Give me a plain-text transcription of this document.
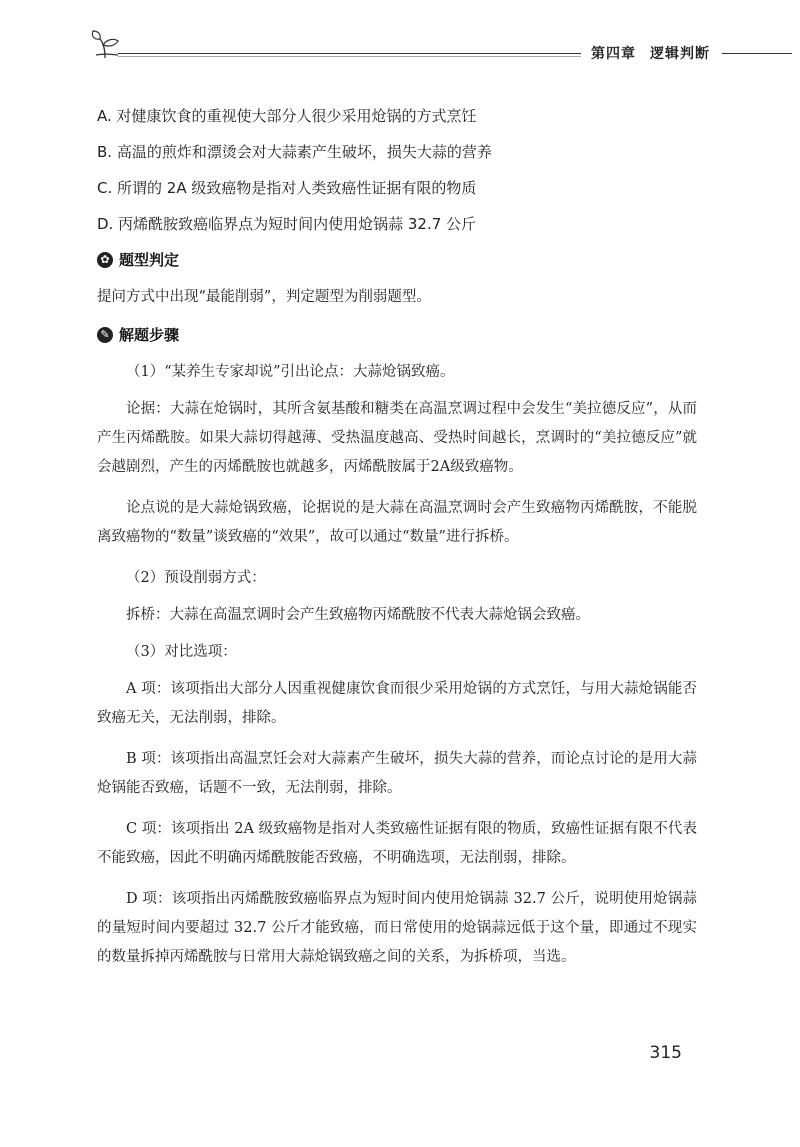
第四章 逻辑判断
A. 对健康饮食的重视使大部分人很少采用炝锅的方式烹饪
B. 高温的煎炸和漂烫会对大蒜素产生破坏，损失大蒜的营养
C. 所谓的 2A 级致癌物是指对人类致癌性证据有限的物质
D. 丙烯酰胺致癌临界点为短时间内使用炝锅蒜 32.7 公斤
✿ 题型判定

提问方式中出现“最能削弱”，判定题型为削弱题型。

✎ 解题步骤

（1）“某养生专家却说”引出论点：大蒜炝锅致癌。

论据：大蒜在炝锅时，其所含氨基酸和糖类在高温烹调过程中会发生“美拉德反应”，从而产生丙烯酰胺。如果大蒜切得越薄、受热温度越高、受热时间越长，烹调时的“美拉德反应”就会越剧烈，产生的丙烯酰胺也就越多，丙烯酰胺属于2A级致癌物。

论点说的是大蒜炝锅致癌，论据说的是大蒜在高温烹调时会产生致癌物丙烯酰胺，不能脱离致癌物的“数量”谈致癌的“效果”，故可以通过“数量”进行拆桥。

（2）预设削弱方式：

拆桥：大蒜在高温烹调时会产生致癌物丙烯酰胺不代表大蒜炝锅会致癌。

（3）对比选项：

A 项：该项指出大部分人因重视健康饮食而很少采用炝锅的方式烹饪，与用大蒜炝锅能否致癌无关，无法削弱，排除。

B 项：该项指出高温烹饪会对大蒜素产生破坏，损失大蒜的营养，而论点讨论的是用大蒜炝锅能否致癌，话题不一致，无法削弱，排除。

C 项：该项指出 2A 级致癌物是指对人类致癌性证据有限的物质，致癌性证据有限不代表不能致癌，因此不明确丙烯酰胺能否致癌，不明确选项，无法削弱，排除。

D 项：该项指出丙烯酰胺致癌临界点为短时间内使用炝锅蒜 32.7 公斤，说明使用炝锅蒜的量短时间内要超过 32.7 公斤才能致癌，而日常使用的炝锅蒜远低于这个量，即通过不现实的数量拆掉丙烯酰胺与日常用大蒜炝锅致癌之间的关系，为拆桥项，当选。

315
